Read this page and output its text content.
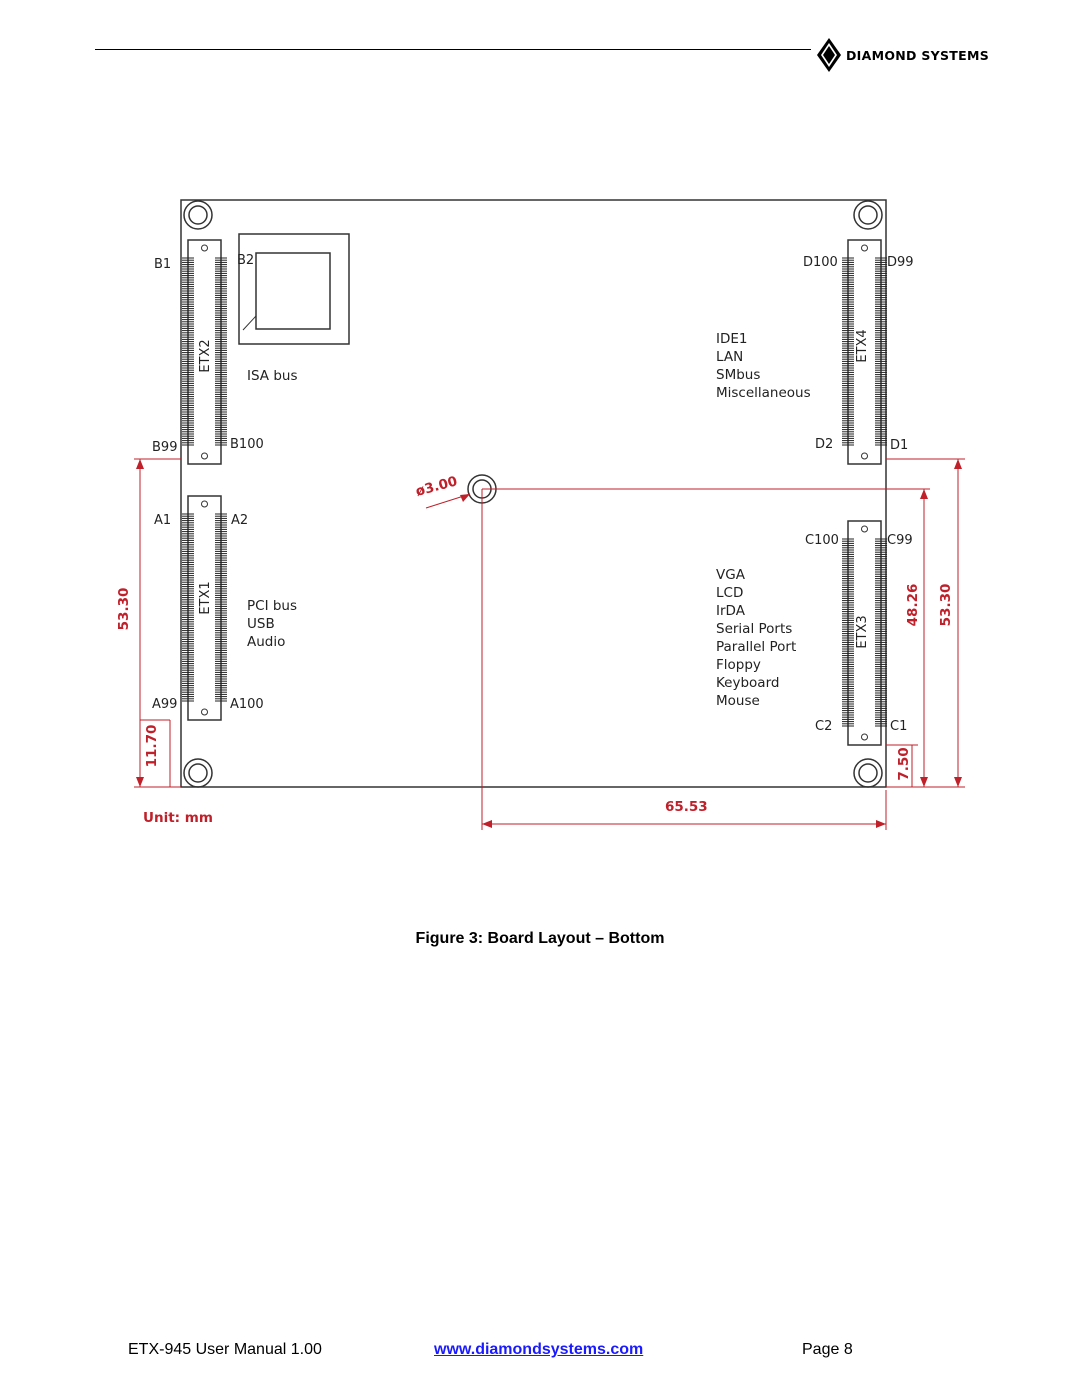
DIAMOND SYSTEMS
ETX2
ETX1
ETX4
ETX3
B1	B2
B99	B100
A1	A2
A99	A100
D100	D99
D2	D1
C100	C99
C2	C1
ISA bus
PCI bus
USB
Audio
IDE1
LAN
SMbus
Miscellaneous
VGA
LCD
IrDA
Serial Ports
Parallel Port
Floppy
Keyboard
Mouse
ø3.00
53.30
11.70
48.26 53.30
7.50
65.53
Unit: mm
Figure 3: Board Layout – Bottom
ETX-945 User Manual 1.00	www.diamondsystems.com	Page 8
